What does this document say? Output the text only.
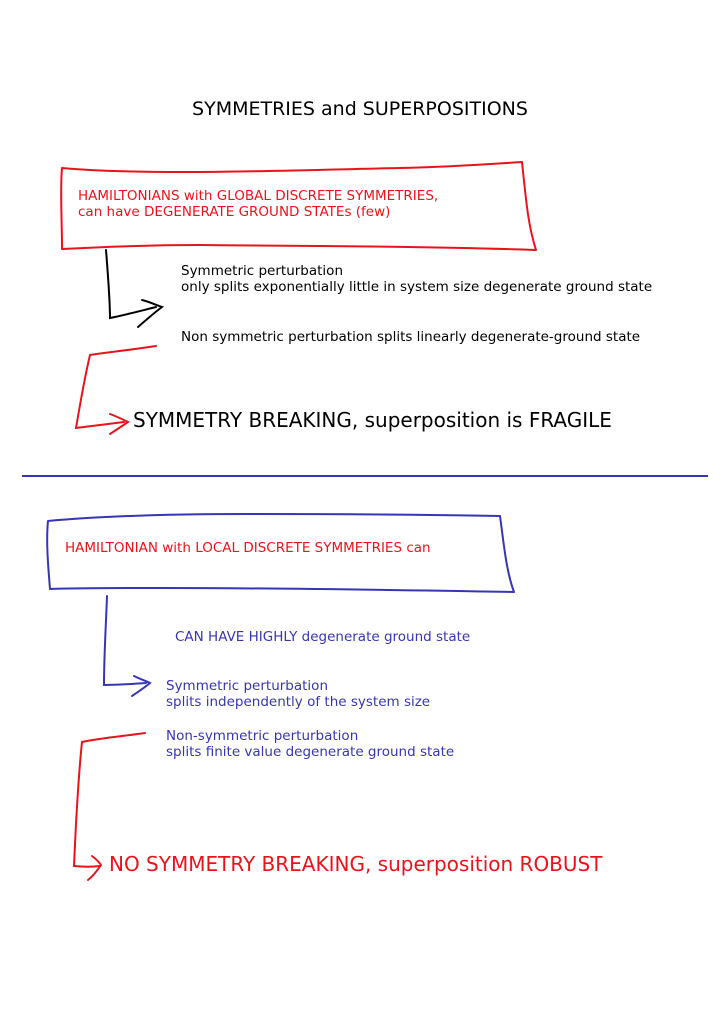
SYMMETRIES and SUPERPOSITIONS
HAMILTONIANS with GLOBAL DISCRETE SYMMETRIES,
can have DEGENERATE GROUND STATEs (few)
Symmetric perturbation
only splits exponentially little in system size degenerate ground state
Non symmetric perturbation splits linearly degenerate-ground state
SYMMETRY BREAKING, superposition is FRAGILE
HAMILTONIAN with LOCAL DISCRETE SYMMETRIES can
CAN HAVE HIGHLY degenerate ground state
Symmetric perturbation
splits independently of the system size
Non-symmetric perturbation
splits finite value degenerate ground state
NO SYMMETRY BREAKING, superposition ROBUST
